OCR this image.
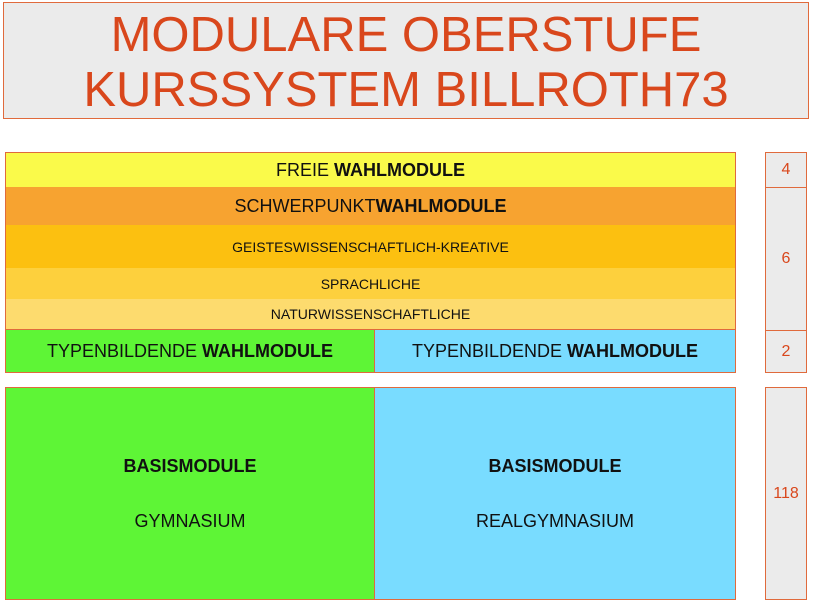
MODULARE OBERSTUFE
KURSSYSTEM BILLROTH73
FREIE WAHLMODULE
SCHWERPUNKT WAHLMODULE
GEISTESWISSENSCHAFTLICH-KREATIVE
SPRACHLICHE
NATURWISSENSCHAFTLICHE
TYPENBILDENDE WAHLMODULE	TYPENBILDENDE WAHLMODULE
BASISMODULE
GYMNASIUM
BASISMODULE
REALGYMNASIUM
4
6
2
118
